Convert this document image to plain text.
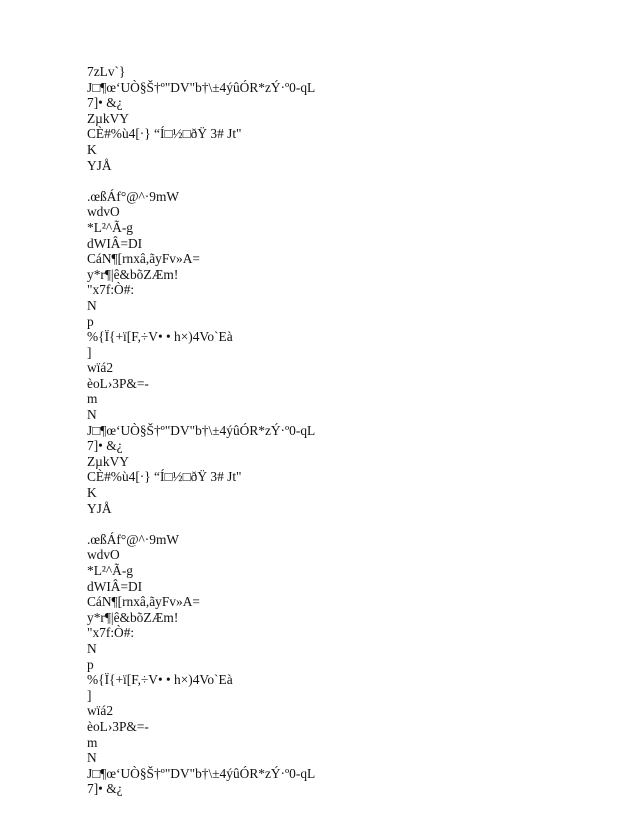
7zLv`}
J□¶œ‘UÒ§Š†º"DV"b†\±4ýûÓR*zÝ·º0-qL
7]• &¿
ZµkVY
CÈ#%ù4[·} “Í□½□ðŸ 3# Jt"
K
YJÅ
.œßÁf°@^·9mW
wdvO
*L²^Ã-g
dWIÂ=DI
CáN¶[rnxâ,ãyFv»A=
y*r¶|ê&bõZÆm!
"x7f:Ò#:
N
p
%{Ï{+ï[F,÷V• • h×)4Vo`Eà
]
wïá2
èoL›3P&=-
m
N
J□¶œ‘UÒ§Š†º"DV"b†\±4ýûÓR*zÝ·º0-qL
7]• &¿
ZµkVY
CÈ#%ù4[·} “Í□½□ðŸ 3# Jt"
K
YJÅ
.œßÁf°@^·9mW
wdvO
*L²^Ã-g
dWIÂ=DI
CáN¶[rnxâ,ãyFv»A=
y*r¶|ê&bõZÆm!
"x7f:Ò#:
N
p
%{Ï{+ï[F,÷V• • h×)4Vo`Eà
]
wïá2
èoL›3P&=-
m
N
J□¶œ‘UÒ§Š†º"DV"b†\±4ýûÓR*zÝ·º0-qL
7]• &¿
